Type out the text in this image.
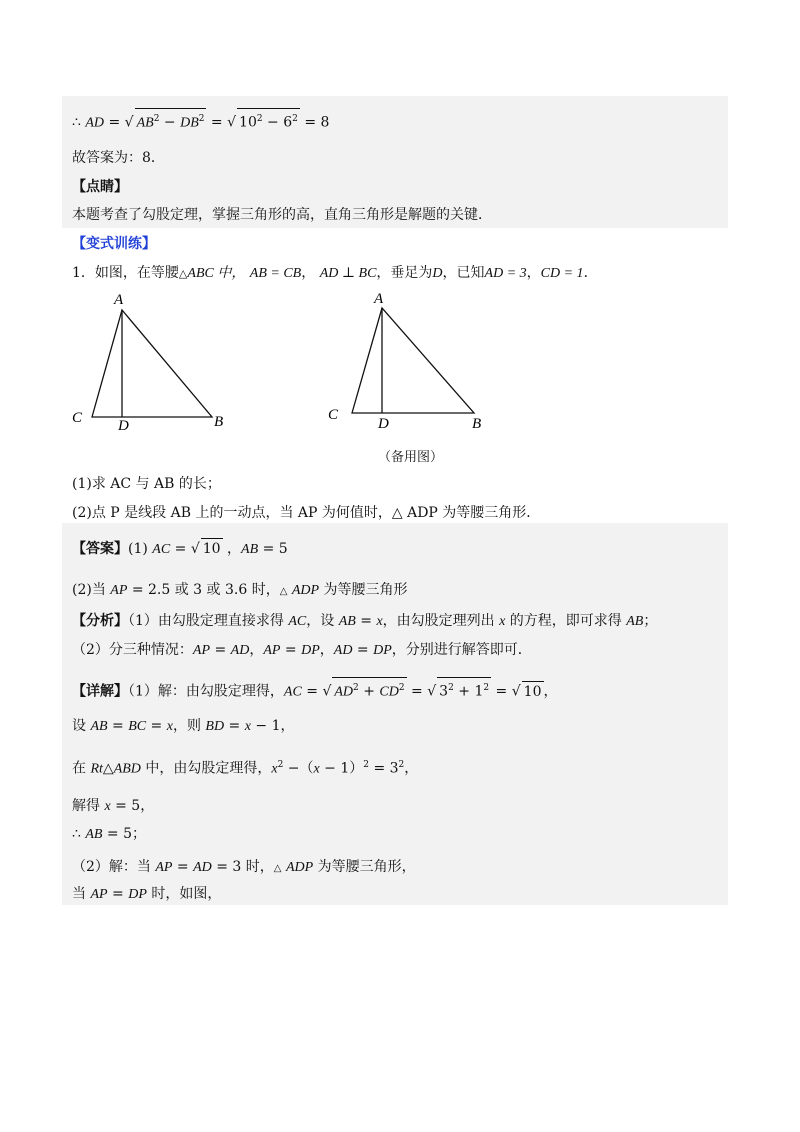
∴ AD = √ $AB^2 - DB^2$ = √ $10^2 - 6^2 = 8$
故答案为：8．
【点睛】
本题考查了勾股定理，掌握三角形的高，直角三角形是解题的关键．
【变式训练】
1．如图，在等腰△ABC 中， AB = CB， AD ⊥ BC，垂足为D，已知AD = 3，CD = 1．
A
C D	B
A
C
D	B
（备用图）
(1)求 AC 与 AB 的长；
(2)点 P 是线段 AB 上的一动点，当 AP 为何值时，△ ADP 为等腰三角形．
【答案】(1) AC = √ 10 ，AB = 5
(2)当 AP = 2.5 或 3 或 3.6 时，△ ADP 为等腰三角形
【分析】（1）由勾股定理直接求得 AC，设 AB = x，由勾股定理列出 x 的方程，即可求得 AB；
（2）分三种情况：AP = AD，AP = DP，AD = DP，分别进行解答即可．
【详解】（1）解：由勾股定理得，AC = √ $AD^2 + CD^2$ = √ $3^2 + 1^2$ = √ 10 ，
设 AB = BC = x，则 BD = x − 1，
在 Rt△ABD 中，由勾股定理得，$x^2 -(x - 1)^2 = 3^2$，
解得 x = 5，
∴ AB = 5；
（2）解：当 AP = AD = 3 时，△ ADP 为等腰三角形，
当 AP = DP 时，如图，
